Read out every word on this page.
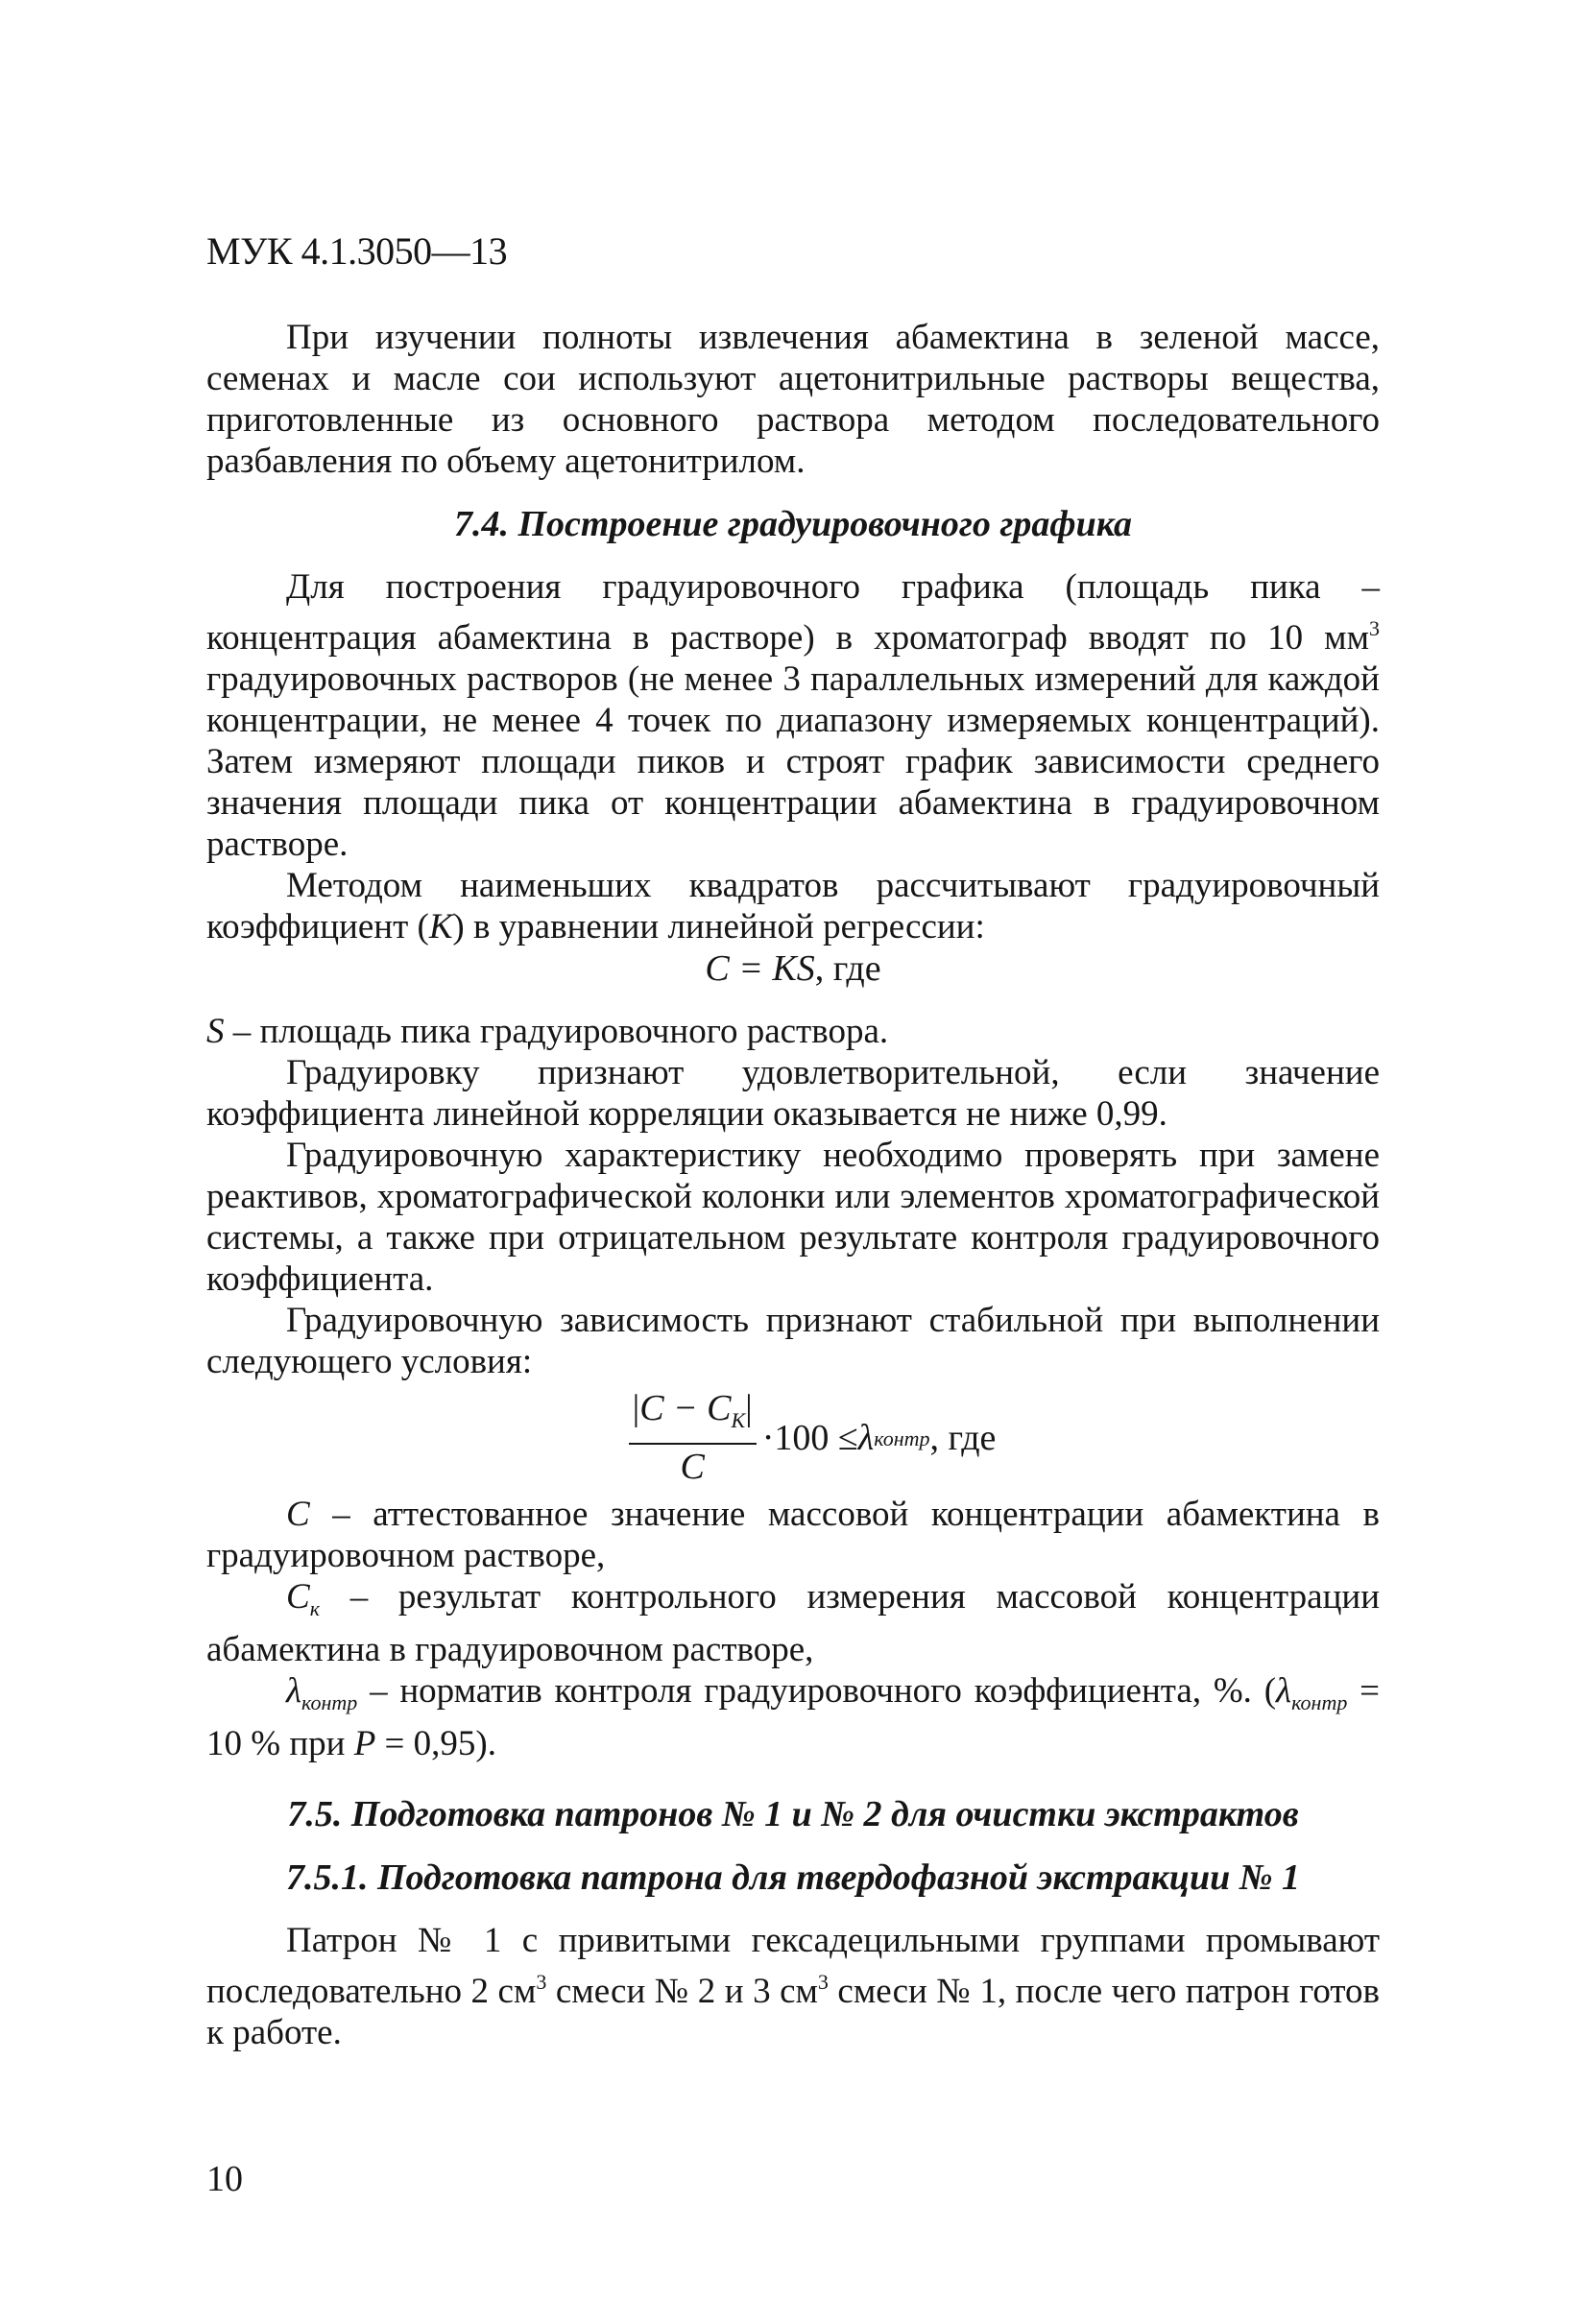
МУК 4.1.3050—13

При изучении полноты извлечения абамектина в зеленой массе, семенах и масле сои используют ацетонитрильные растворы вещества, приготовленные из основного раствора методом последовательного разбавления по объему ацетонитрилом.

7.4. Построение градуировочного графика

Для построения градуировочного графика (площадь пика – концентрация абамектина в растворе) в хроматограф вводят по 10 $мм^3$ градуировочных растворов (не менее 3 параллельных измерений для каждой концентрации, не менее 4 точек по диапазону измеряемых концентраций). Затем измеряют площади пиков и строят график зависимости среднего значения площади пика от концентрации абамектина в градуировочном растворе.

Методом наименьших квадратов рассчитывают градуировочный коэффициент (К) в уравнении линейной регрессии:

C = KS, где

S – площадь пика градуировочного раствора.

Градуировку признают удовлетворительной, если значение коэффициента линейной корреляции оказывается не ниже 0,99.

Градуировочную характеристику необходимо проверять при замене реактивов, хроматографической колонки или элементов хроматографической системы, а также при отрицательном результате контроля градуировочного коэффициента.

Градуировочную зависимость признают стабильной при выполнении следующего условия:

$\frac{|C - C_К|}{C} \cdot 100 \le \lambda$ контр , где

C – аттестованное значение массовой концентрации абамектина в градуировочном растворе,

$С_к$ – результат контрольного измерения массовой концентрации абамектина в градуировочном растворе,

$\lambda_{контр}$ – норматив контроля градуировочного коэффициента, %. ($\lambda_{контр} = 10$ % при P = 0,95).

7.5. Подготовка патронов № 1 и № 2 для очистки экстрактов
7.5.1. Подготовка патрона для твердофазной экстракции № 1

Патрон № 1 с привитыми гексадецильными группами промывают последовательно 2 $см^3$ смеси № 2 и 3 $см^3$ смеси № 1, после чего патрон готов к работе.

10
